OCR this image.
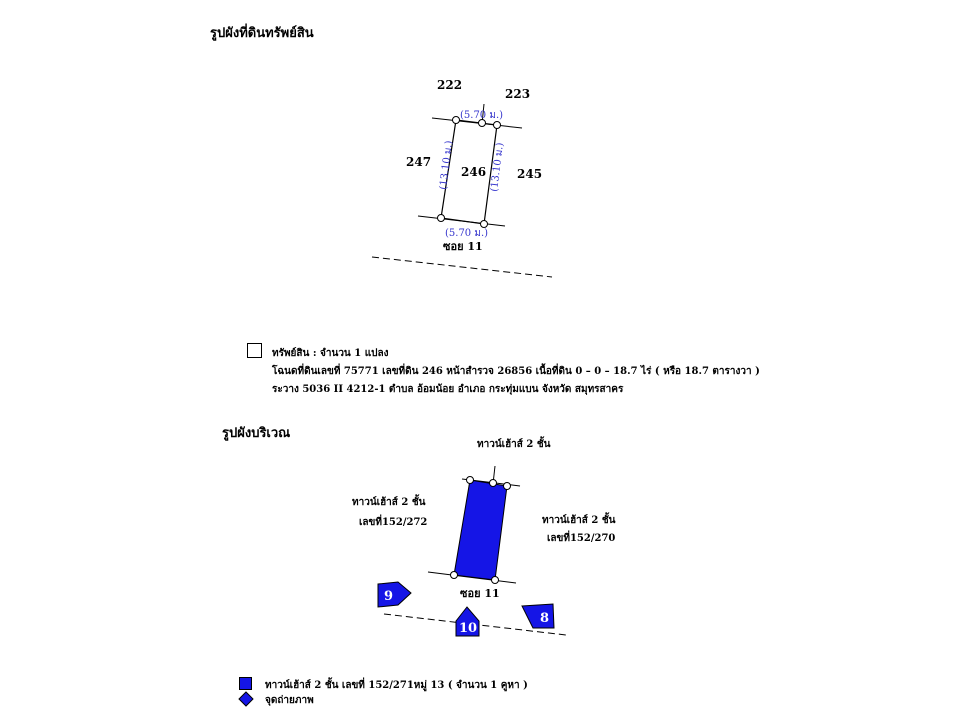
รูปผังที่ดินทรัพย์สิน
222
223
247
245
246
(5.70 ม.)
(5.70 ม.)
(13.10 ม.)	(13.10 ม.)
ซอย 11
ทรัพย์สิน : จำนวน 1 แปลง
โฉนดที่ดินเลขที่ 75771 เลขที่ดิน 246 หน้าสำรวจ 26856 เนื้อที่ดิน 0 – 0 – 18.7 ไร่ ( หรือ 18.7 ตารางวา )
ระวาง 5036 II 4212-1 ตำบล อ้อมน้อย อำเภอ กระทุ่มแบน จังหวัด สมุทรสาคร
รูปผังบริเวณ
9
10
8
ซอย 11
ทาวน์เฮ้าส์ 2 ชั้น
ทาวน์เฮ้าส์ 2 ชั้น
เลขที่152/272	ทาวน์เฮ้าส์ 2 ชั้น
เลขที่152/270
ทาวน์เฮ้าส์ 2 ชั้น เลขที่ 152/271หมู่ 13 ( จำนวน 1 คูหา )
จุดถ่ายภาพ
